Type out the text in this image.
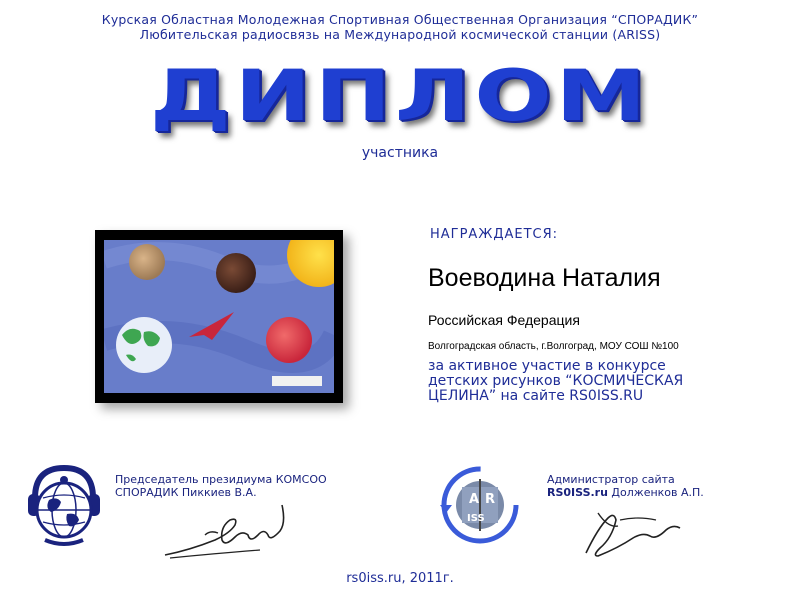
Курская Областная Молодежная Спортивная Общественная Организация “СПОРАДИК”
Любительская радиосвязь на Международной космической станции (ARISS)
ДИПЛОМ
участника
НАГРАЖДАЕТСЯ:
Воеводина Наталия
Российская Федерация
Волгоградская область, г.Волгоград, МОУ СОШ №100
за активное участие в конкурсе
детских рисунков “КОСМИЧЕСКАЯ
ЦЕЛИНА” на сайте RS0ISS.RU
Председатель президиума КОМСОО
СПОРАДИК Пиккиев В.А.	A R
ISS
Администратор сайта
RS0ISS.ru Долженков А.П.
rs0iss.ru, 2011г.
